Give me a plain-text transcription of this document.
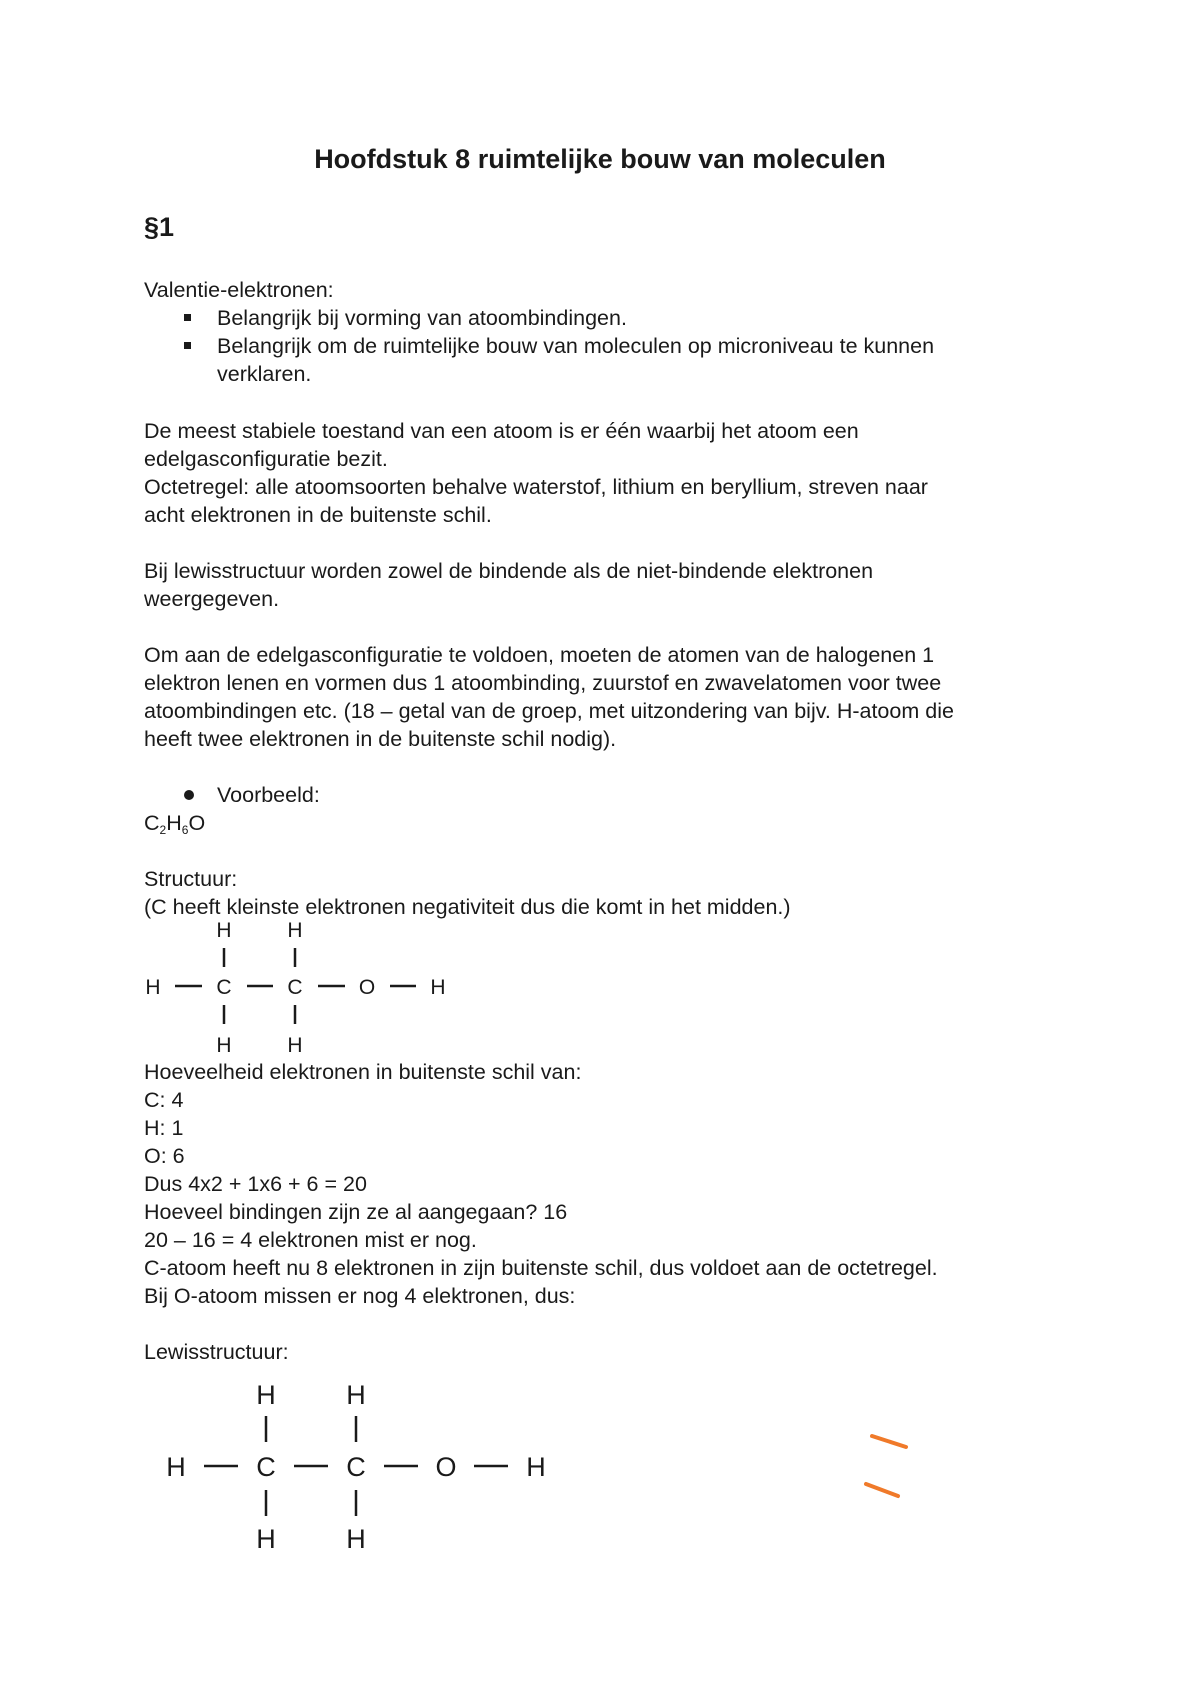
Hoofdstuk 8 ruimtelijke bouw van moleculen
§1

Valentie-elektronen:

Belangrijk bij vorming van atoombindingen.
Belangrijk om de ruimtelijke bouw van moleculen op microniveau te kunnen
verklaren.

De meest stabiele toestand van een atoom is er één waarbij het atoom een

edelgasconfiguratie bezit.

Octetregel: alle atoomsoorten behalve waterstof, lithium en beryllium, streven naar

acht elektronen in de buitenste schil.

Bij lewisstructuur worden zowel de bindende als de niet-bindende elektronen

weergegeven.

Om aan de edelgasconfiguratie te voldoen, moeten de atomen van de halogenen 1

elektron lenen en vormen dus 1 atoombinding, zuurstof en zwavelatomen voor twee

atoombindingen etc. (18 – getal van de groep, met uitzondering van bijv. H-atoom die

heeft twee elektronen in de buitenste schil nodig).

Voorbeeld:

$C_2H_6O$

Structuur:

(C heeft kleinste elektronen negativiteit dus die komt in het midden.)

H	H
H	C	C	O	H
H	H

Hoeveelheid elektronen in buitenste schil van:

C: 4

H: 1

O: 6

Dus 4x2 + 1x6 + 6 = 20

Hoeveel bindingen zijn ze al aangegaan? 16

20 – 16 = 4 elektronen mist er nog.

C-atoom heeft nu 8 elektronen in zijn buitenste schil, dus voldoet aan de octetregel.

Bij O-atoom missen er nog 4 elektronen, dus:

Lewisstructuur:

H	H
H	C	C	O	H
H	H
